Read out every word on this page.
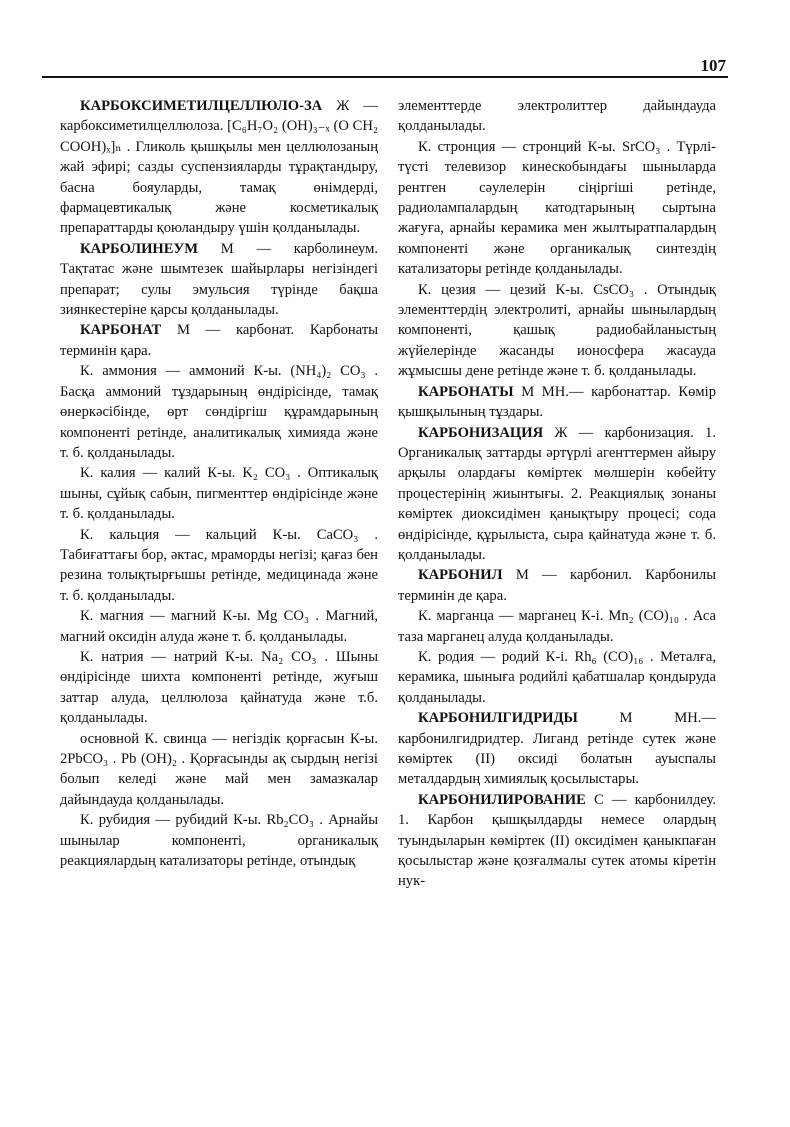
107

КАРБОКСИМЕТИЛЦЕЛЛЮЛО-ЗА Ж — карбоксиметилцеллюлоза. [C₆H₇O₂ (OH)₃₋ₓ (O CH₂ COOH)ₓ]ₙ . Гликоль қышқылы мен целлюлозаның жай эфирі; сазды суспензияларды тұрақтандыру, басна бояуларды, тамақ өнімдерді, фармацевтикалық және косметикалық препараттарды қоюландыру үшін қолданылады.

КАРБОЛИНЕУМ М — карболинеум. Тақтатас және шымтезек шайырлары негізіндегі препарат; сулы эмульсия түрінде бақша зиянкестеріне қарсы қолданылады.

КАРБОНАТ М — карбонат. Карбонаты терминін қара.

К. аммония — аммоний К-ы. (NH₄)₂ CO₃ . Басқа аммоний тұздарының өндірісінде, тамақ өнеркәсібінде, өрт сөндіргіш құрамдарының компоненті ретінде, аналитикалық химияда және т. б. қолданылады.

К. калия — калий К-ы. K₂ CO₃ . Оптикалық шыны, сұйық сабын, пигменттер өндірісінде және т. б. қолданылады.

К. кальция — кальций К-ы. CaCO₃ . Табиғаттағы бор, әктас, мраморды негізі; қағаз бен резина толықтырғышы ретінде, медицинада және т. б. қолданылады.

К. магния — магний К-ы. Mg CO₃ . Магний, магний оксидін алуда және т. б. қолданылады.

К. натрия — натрий К-ы. Na₂ CO₃ . Шыны өндірісінде шихта компоненті ретінде, жуғыш заттар алуда, целлюлоза қайнатуда және т.б. қолданылады.

основной К. свинца — негіздік қорғасын К-ы. 2PbCO₃ . Pb (OH)₂ . Қорғасынды ақ сырдың негізі болып келеді және май мен замазкалар дайындауда қолданылады.

К. рубидия — рубидий К-ы. Rb₂CO₃ . Арнайы шынылар компоненті, органикалық реакциялардың катализаторы ретінде, отындық

элементтерде электролиттер дайындауда қолданылады.

К. стронция — стронций К-ы. SrCO₃ . Түрлі-түсті телевизор кинескобындағы шыныларда рентген сәулелерін сіңіргіші ретінде, радиолампалардың катодтарының сыртына жағуға, арнайы керамика мен жылтыратпалардың компоненті және органикалық синтездің катализаторы ретінде қолданылады.

К. цезия — цезий К-ы. CsCO₃ . Отындық элементтердің электролиті, арнайы шынылардың компоненті, қашық радиобайланыстың жүйелерінде жасанды ионосфера жасауда жұмысшы дене ретінде және т. б. қолданылады.

КАРБОНАТЫ М МН.— карбонаттар. Көмір қышқылының тұздары.

КАРБОНИЗАЦИЯ Ж — карбонизация. 1. Органикалық заттарды әртүрлі агенттермен айыру арқылы олардағы көміртек мөлшерін көбейту процестерінің жиынтығы. 2. Реакциялық зонаны көміртек диоксидімен қанықтыру процесі; сода өндірісінде, құрылыста, сыра қайнатуда және т. б. қолданылады.

КАРБОНИЛ М — карбонил. Карбонилы терминін де қара.

К. марганца — марганец К-і. Mn₂ (CO)₁₀ . Аса таза марганец алуда қолданылады.

К. родия — родий К-і. Rh₆ (CO)₁₆ . Металға, керамика, шыныға родийлі қабатшалар қондыруда қолданылады.

КАРБОНИЛГИДРИДЫ М МН.— карбонилгидридтер. Лиганд ретінде сутек және көміртек (II) оксиді болатын ауыспалы металдардың химиялық қосылыстары.

КАРБОНИЛИРОВАНИЕ С — карбонилдеу. 1. Карбон қышқылдарды немесе олардың туындыларын көміртек (II) оксидімен қаныкпаған қосылыстар және қозғалмалы сутек атомы кіретін нук-
